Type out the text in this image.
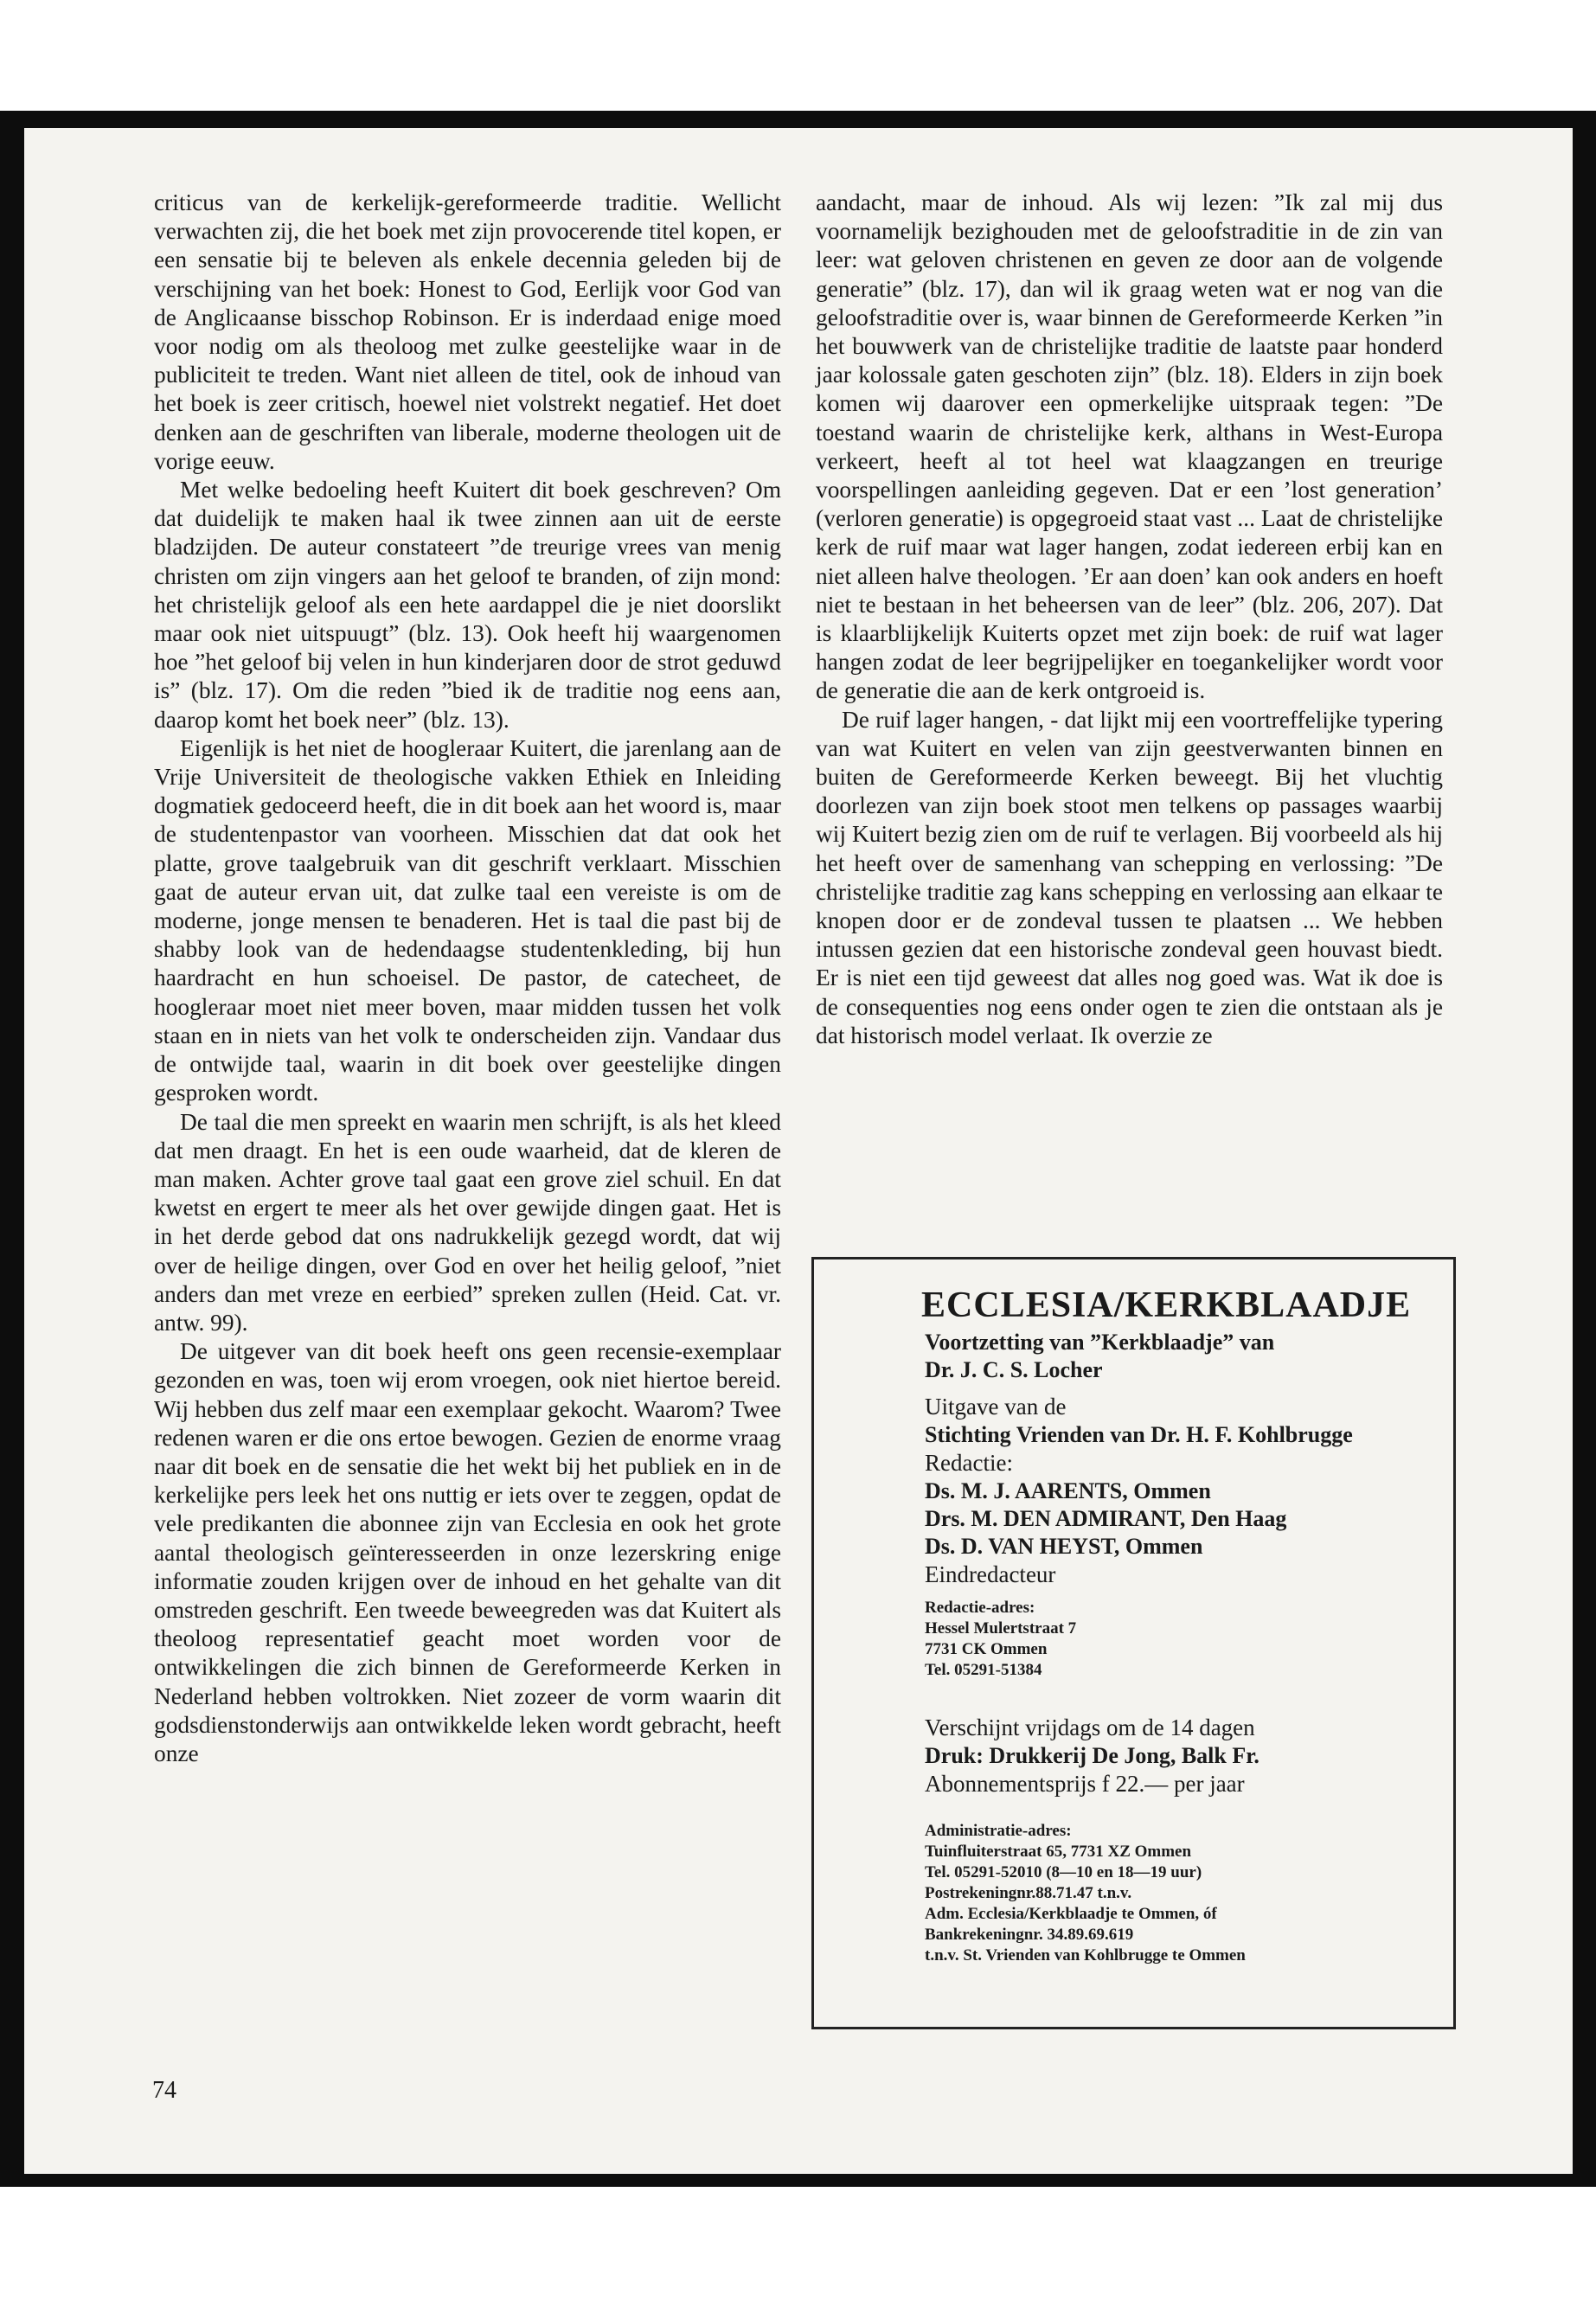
criticus van de kerkelijk-gereformeerde traditie. Wellicht verwachten zij, die het boek met zijn provocerende titel kopen, er een sensatie bij te beleven als enkele decennia geleden bij de verschijning van het boek: Honest to God, Eerlijk voor God van de Anglicaanse bisschop Robinson. Er is inderdaad enige moed voor nodig om als theoloog met zulke geestelijke waar in de publiciteit te treden. Want niet alleen de titel, ook de inhoud van het boek is zeer critisch, hoewel niet volstrekt negatief. Het doet denken aan de geschriften van liberale, moderne theologen uit de vorige eeuw.

Met welke bedoeling heeft Kuitert dit boek geschreven? Om dat duidelijk te maken haal ik twee zinnen aan uit de eerste bladzijden. De auteur constateert ”de treurige vrees van menig christen om zijn vingers aan het geloof te branden, of zijn mond: het christelijk geloof als een hete aardappel die je niet doorslikt maar ook niet uitspuugt” (blz. 13). Ook heeft hij waargenomen hoe ”het geloof bij velen in hun kinderjaren door de strot geduwd is” (blz. 17). Om die reden ”bied ik de traditie nog eens aan, daarop komt het boek neer” (blz. 13).

Eigenlijk is het niet de hoogleraar Kuitert, die jarenlang aan de Vrije Universiteit de theologische vakken Ethiek en Inleiding dogmatiek gedoceerd heeft, die in dit boek aan het woord is, maar de studentenpastor van voorheen. Misschien dat dat ook het platte, grove taalgebruik van dit geschrift verklaart. Misschien gaat de auteur ervan uit, dat zulke taal een vereiste is om de moderne, jonge mensen te benaderen. Het is taal die past bij de shabby look van de hedendaagse studentenkleding, bij hun haardracht en hun schoeisel. De pastor, de catecheet, de hoogleraar moet niet meer boven, maar midden tussen het volk staan en in niets van het volk te onderscheiden zijn. Vandaar dus de ontwijde taal, waarin in dit boek over geestelijke dingen gesproken wordt.

De taal die men spreekt en waarin men schrijft, is als het kleed dat men draagt. En het is een oude waarheid, dat de kleren de man maken. Achter grove taal gaat een grove ziel schuil. En dat kwetst en ergert te meer als het over gewijde dingen gaat. Het is in het derde gebod dat ons nadrukkelijk gezegd wordt, dat wij over de heilige dingen, over God en over het heilig geloof, ”niet anders dan met vreze en eerbied” spreken zullen (Heid. Cat. vr. antw. 99).

De uitgever van dit boek heeft ons geen recensie-exemplaar gezonden en was, toen wij erom vroegen, ook niet hiertoe bereid. Wij hebben dus zelf maar een exemplaar gekocht. Waarom? Twee redenen waren er die ons ertoe bewogen. Gezien de enorme vraag naar dit boek en de sensatie die het wekt bij het publiek en in de kerkelijke pers leek het ons nuttig er iets over te zeggen, opdat de vele predikanten die abonnee zijn van Ecclesia en ook het grote aantal theologisch geïnteresseerden in onze lezerskring enige informatie zouden krijgen over de inhoud en het gehalte van dit omstreden geschrift. Een tweede beweegreden was dat Kuitert als theoloog representatief geacht moet worden voor de ontwikkelingen die zich binnen de Gereformeerde Kerken in Nederland hebben voltrokken. Niet zozeer de vorm waarin dit godsdienstonderwijs aan ontwikkelde leken wordt gebracht, heeft onze

aandacht, maar de inhoud. Als wij lezen: ”Ik zal mij dus voornamelijk bezighouden met de geloofstraditie in de zin van leer: wat geloven christenen en geven ze door aan de volgende generatie” (blz. 17), dan wil ik graag weten wat er nog van die geloofstraditie over is, waar binnen de Gereformeerde Kerken ”in het bouwwerk van de christelijke traditie de laatste paar honderd jaar kolossale gaten geschoten zijn” (blz. 18). Elders in zijn boek komen wij daarover een opmerkelijke uitspraak tegen: ”De toestand waarin de christelijke kerk, althans in West-Europa verkeert, heeft al tot heel wat klaagzangen en treurige voorspellingen aanleiding gegeven. Dat er een ’lost generation’ (verloren generatie) is opgegroeid staat vast ... Laat de christelijke kerk de ruif maar wat lager hangen, zodat iedereen erbij kan en niet alleen halve theologen. ’Er aan doen’ kan ook anders en hoeft niet te bestaan in het beheersen van de leer” (blz. 206, 207). Dat is klaarblijkelijk Kuiterts opzet met zijn boek: de ruif wat lager hangen zodat de leer begrijpelijker en toegankelijker wordt voor de generatie die aan de kerk ontgroeid is.

De ruif lager hangen, - dat lijkt mij een voortreffelijke typering van wat Kuitert en velen van zijn geestverwanten binnen en buiten de Gereformeerde Kerken beweegt. Bij het vluchtig doorlezen van zijn boek stoot men telkens op passages waarbij wij Kuitert bezig zien om de ruif te verlagen. Bij voorbeeld als hij het heeft over de samenhang van schepping en verlossing: ”De christelijke traditie zag kans schepping en verlossing aan elkaar te knopen door er de zondeval tussen te plaatsen ... We hebben intussen gezien dat een historische zondeval geen houvast biedt. Er is niet een tijd geweest dat alles nog goed was. Wat ik doe is de consequenties nog eens onder ogen te zien die ontstaan als je dat historisch model verlaat. Ik overzie ze

ECCLESIA/KERKBLAADJE
Voortzetting van ”Kerkblaadje” van
Dr. J. C. S. Locher
Uitgave van de
Stichting Vrienden van Dr. H. F. Kohlbrugge
Redactie:
Ds. M. J. AARENTS, Ommen
Drs. M. DEN ADMIRANT, Den Haag
Ds. D. VAN HEYST, Ommen
Eindredacteur
Redactie-adres:
Hessel Mulertstraat 7
7731 CK Ommen
Tel. 05291-51384
Verschijnt vrijdags om de 14 dagen
Druk: Drukkerij De Jong, Balk Fr.
Abonnementsprijs f 22.— per jaar
Administratie-adres:
Tuinfluiterstraat 65, 7731 XZ Ommen
Tel. 05291-52010 (8—10 en 18—19 uur)
Postrekeningnr.88.71.47 t.n.v.
Adm. Ecclesia/Kerkblaadje te Ommen, óf
Bankrekeningnr. 34.89.69.619
t.n.v. St. Vrienden van Kohlbrugge te Ommen
74
